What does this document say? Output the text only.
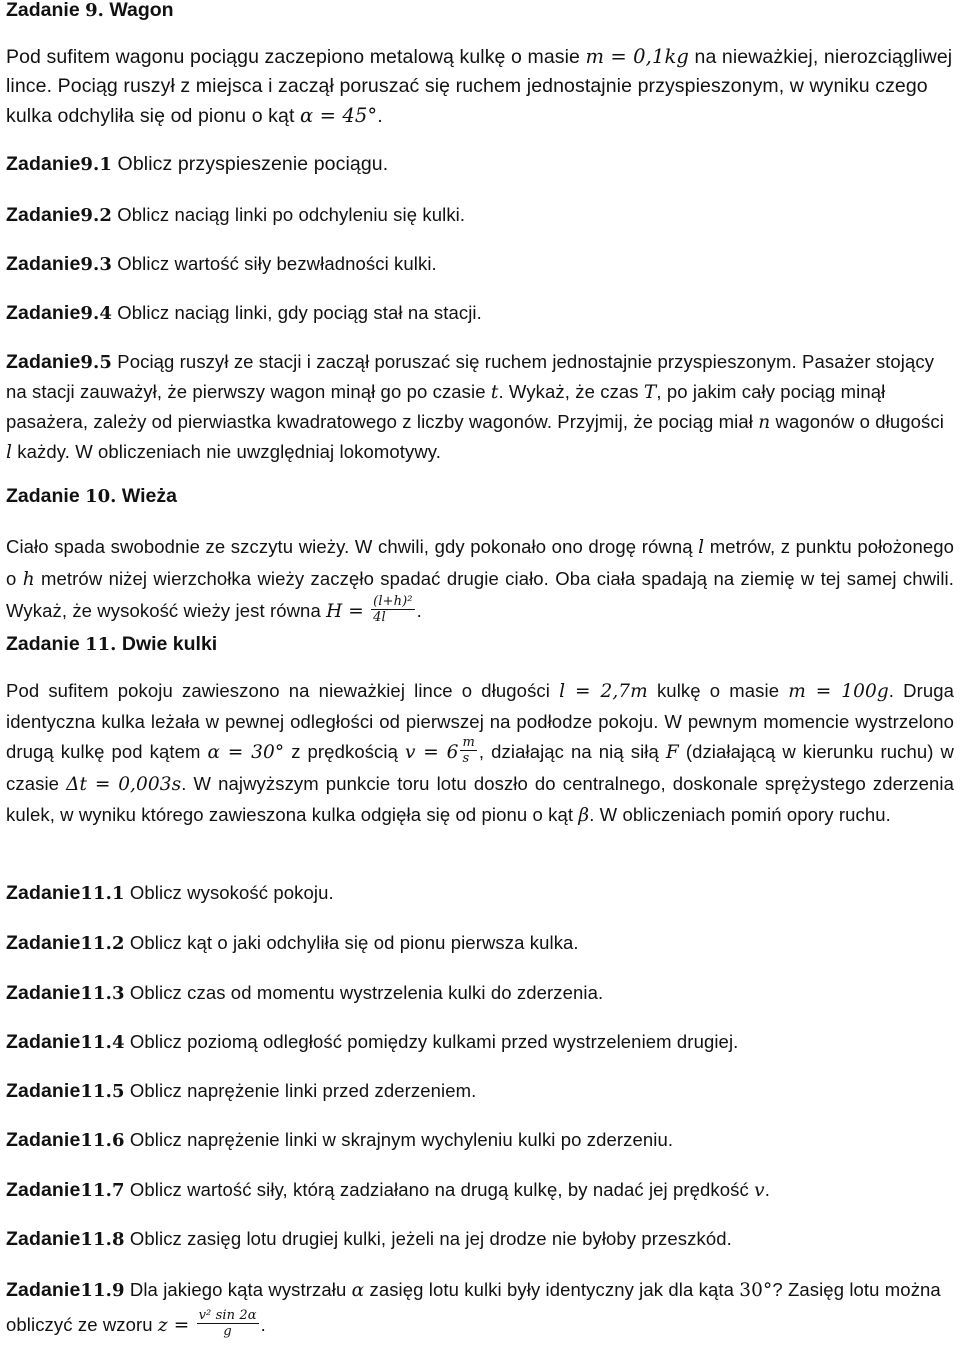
Zadanie 9. Wagon
Pod sufitem wagonu pociągu zaczepiono metalową kulkę o masie m = 0,1kg na nieważkiej, nierozciągliwej lince. Pociąg ruszył z miejsca i zaczął poruszać się ruchem jednostajnie przyspieszonym, w wyniku czego kulka odchyliła się od pionu o kąt α = 45°.
Zadanie9.1 Oblicz przyspieszenie pociągu.
Zadanie9.2 Oblicz naciąg linki po odchyleniu się kulki.
Zadanie9.3 Oblicz wartość siły bezwładności kulki.
Zadanie9.4 Oblicz naciąg linki, gdy pociąg stał na stacji.
Zadanie9.5 Pociąg ruszył ze stacji i zaczął poruszać się ruchem jednostajnie przyspieszonym. Pasażer stojący na stacji zauważył, że pierwszy wagon minął go po czasie t. Wykaż, że czas T, po jakim cały pociąg minął pasażera, zależy od pierwiastka kwadratowego z liczby wagonów. Przyjmij, że pociąg miał n wagonów o długości l każdy. W obliczeniach nie uwzględniaj lokomotywy.
Zadanie 10. Wieża
Ciało spada swobodnie ze szczytu wieży. W chwili, gdy pokonało ono drogę równą l metrów, z punktu położonego o h metrów niżej wierzchołka wieży zaczęło spadać drugie ciało. Oba ciała spadają na ziemię w tej samej chwili. Wykaż, że wysokość wieży jest równa $H = \frac{\text{(l+h)²}}{4l}$ .
Zadanie 11. Dwie kulki
Pod sufitem pokoju zawieszono na nieważkiej lince o długości l = 2,7m kulkę o masie m = 100g. Druga identyczna kulka leżała w pewnej odległości od pierwszej na podłodze pokoju. W pewnym momencie wystrzelono drugą kulkę pod kątem α = 30° z prędkością $v = 6 \frac{m}{s}$ , działając na nią siłą F (działającą w kierunku ruchu) w czasie Δt = 0,003s. W najwyższym punkcie toru lotu doszło do centralnego, doskonale sprężystego zderzenia kulek, w wyniku którego zawieszona kulka odgięła się od pionu o kąt β. W obliczeniach pomiń opory ruchu.
Zadanie11.1 Oblicz wysokość pokoju.
Zadanie11.2 Oblicz kąt o jaki odchyliła się od pionu pierwsza kulka.
Zadanie11.3 Oblicz czas od momentu wystrzelenia kulki do zderzenia.
Zadanie11.4 Oblicz poziomą odległość pomiędzy kulkami przed wystrzeleniem drugiej.
Zadanie11.5 Oblicz naprężenie linki przed zderzeniem.
Zadanie11.6 Oblicz naprężenie linki w skrajnym wychyleniu kulki po zderzeniu.
Zadanie11.7 Oblicz wartość siły, którą zadziałano na drugą kulkę, by nadać jej prędkość v.
Zadanie11.8 Oblicz zasięg lotu drugiej kulki, jeżeli na jej drodze nie byłoby przeszkód.
Zadanie11.9 Dla jakiego kąta wystrzału α zasięg lotu kulki były identyczny jak dla kąta 30°? Zasięg lotu można obliczyć ze wzoru $z = \frac{\text{v² sin 2α}}{g}$ .
